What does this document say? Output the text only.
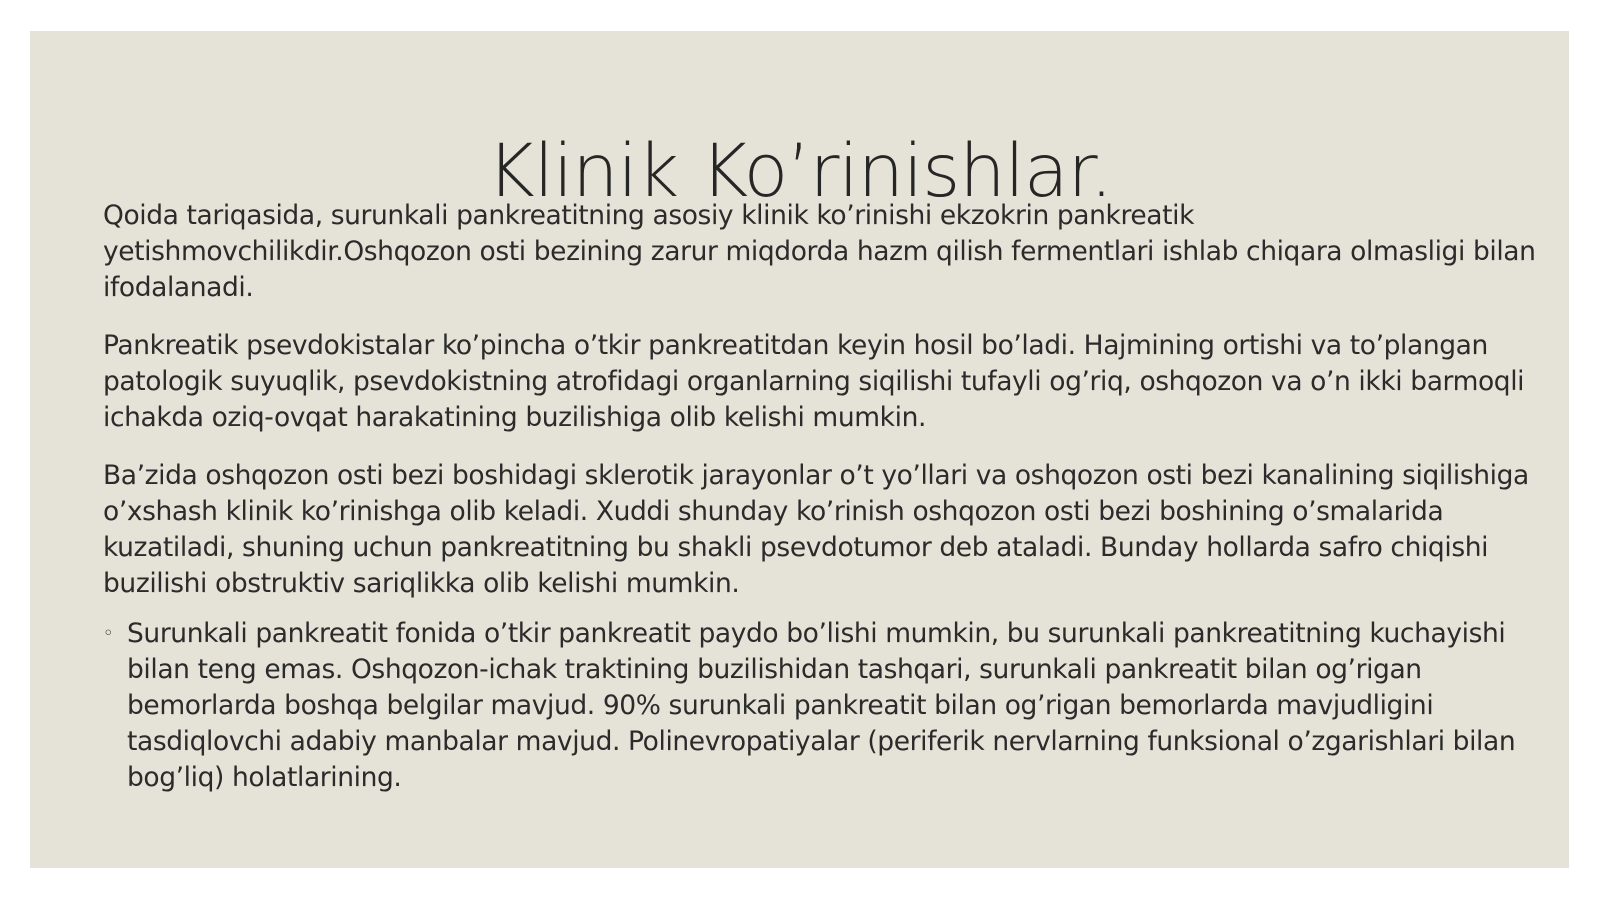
Klinik Ko’rinishlar.

Qoida tariqasida, surunkali pankreatitning asosiy klinik ko’rinishi ekzokrin pankreatik yetishmovchilikdir.Oshqozon osti bezining zarur miqdorda hazm qilish fermentlari ishlab chiqara olmasligi bilan ifodalanadi.

Pankreatik psevdokistalar ko’pincha o’tkir pankreatitdan keyin hosil bo’ladi. Hajmining ortishi va to’plangan patologik suyuqlik, psevdokistning atrofidagi organlarning siqilishi tufayli og’riq, oshqozon va o’n ikki barmoqli ichakda oziq-ovqat harakatining buzilishiga olib kelishi mumkin.

Ba’zida oshqozon osti bezi boshidagi sklerotik jarayonlar o’t yo’llari va oshqozon osti bezi kanalining siqilishiga o’xshash klinik ko’rinishga olib keladi. Xuddi shunday ko’rinish oshqozon osti bezi boshining o’smalarida kuzatiladi, shuning uchun pankreatitning bu shakli psevdotumor deb ataladi. Bunday hollarda safro chiqishi buzilishi obstruktiv sariqlikka olib kelishi mumkin.

◦ Surunkali pankreatit fonida o’tkir pankreatit paydo bo’lishi mumkin, bu surunkali pankreatitning kuchayishi bilan teng emas. Oshqozon-ichak traktining buzilishidan tashqari, surunkali pankreatit bilan og’rigan bemorlarda boshqa belgilar mavjud. 90% surunkali pankreatit bilan og’rigan bemorlarda mavjudligini tasdiqlovchi adabiy manbalar mavjud. Polinevropatiyalar (periferik nervlarning funksional o’zgarishlari bilan bog’liq) holatlarining.
